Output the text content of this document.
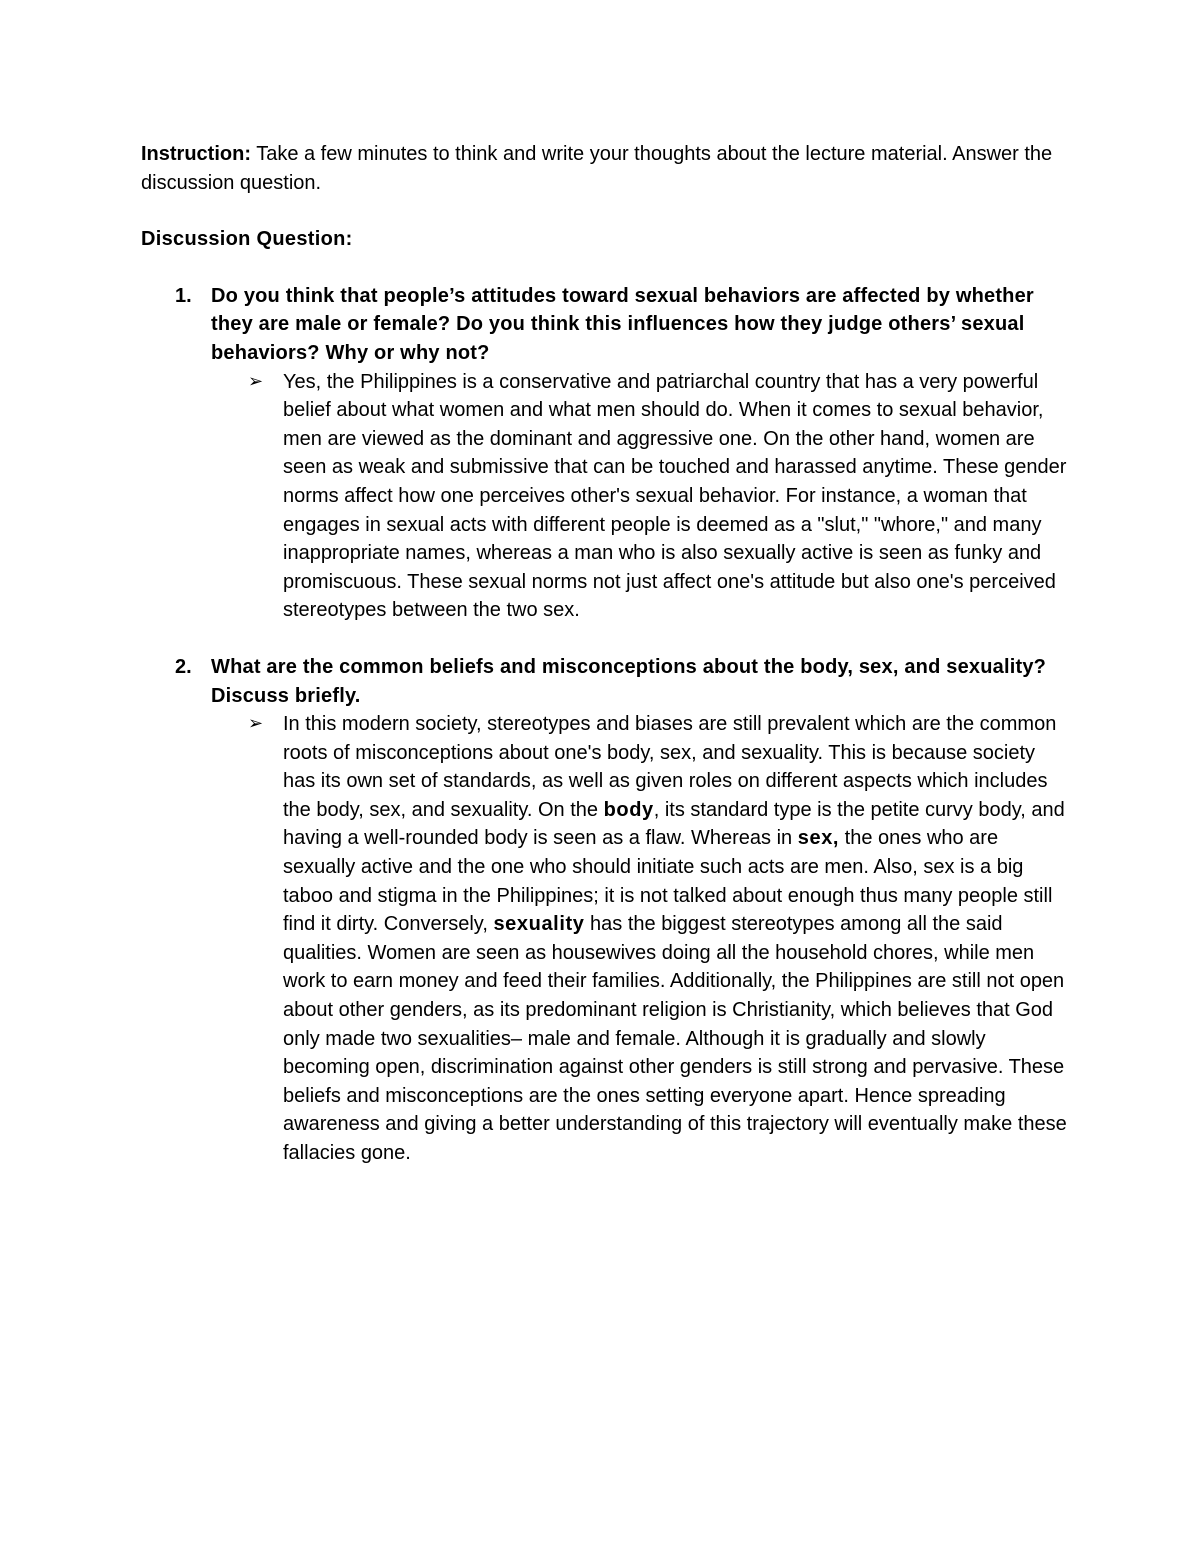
Instruction: Take a few minutes to think and write your thoughts about the lecture material. Answer the discussion question.

Discussion Question:
1. Do you think that people’s attitudes toward sexual behaviors are affected by whether they are male or female? Do you think this influences how they judge others’ sexual behaviors? Why or why not?
➢ Yes, the Philippines is a conservative and patriarchal country that has a very powerful belief about what women and what men should do. When it comes to sexual behavior, men are viewed as the dominant and aggressive one. On the other hand, women are seen as weak and submissive that can be touched and harassed anytime. These gender norms affect how one perceives other's sexual behavior. For instance, a woman that engages in sexual acts with different people is deemed as a "slut," "whore," and many inappropriate names, whereas a man who is also sexually active is seen as funky and promiscuous. These sexual norms not just affect one's attitude but also one's perceived stereotypes between the two sex.
2. What are the common beliefs and misconceptions about the body, sex, and sexuality? Discuss briefly.
➢ In this modern society, stereotypes and biases are still prevalent which are the common roots of misconceptions about one's body, sex, and sexuality. This is because society has its own set of standards, as well as given roles on different aspects which includes the body, sex, and sexuality. On the body, its standard type is the petite curvy body, and having a well-rounded body is seen as a flaw. Whereas in sex, the ones who are sexually active and the one who should initiate such acts are men. Also, sex is a big taboo and stigma in the Philippines; it is not talked about enough thus many people still find it dirty. Conversely, sexuality has the biggest stereotypes among all the said qualities. Women are seen as housewives doing all the household chores, while men work to earn money and feed their families. Additionally, the Philippines are still not open about other genders, as its predominant religion is Christianity, which believes that God only made two sexualities– male and female. Although it is gradually and slowly becoming open, discrimination against other genders is still strong and pervasive. These beliefs and misconceptions are the ones setting everyone apart. Hence spreading awareness and giving a better understanding of this trajectory will eventually make these fallacies gone.
